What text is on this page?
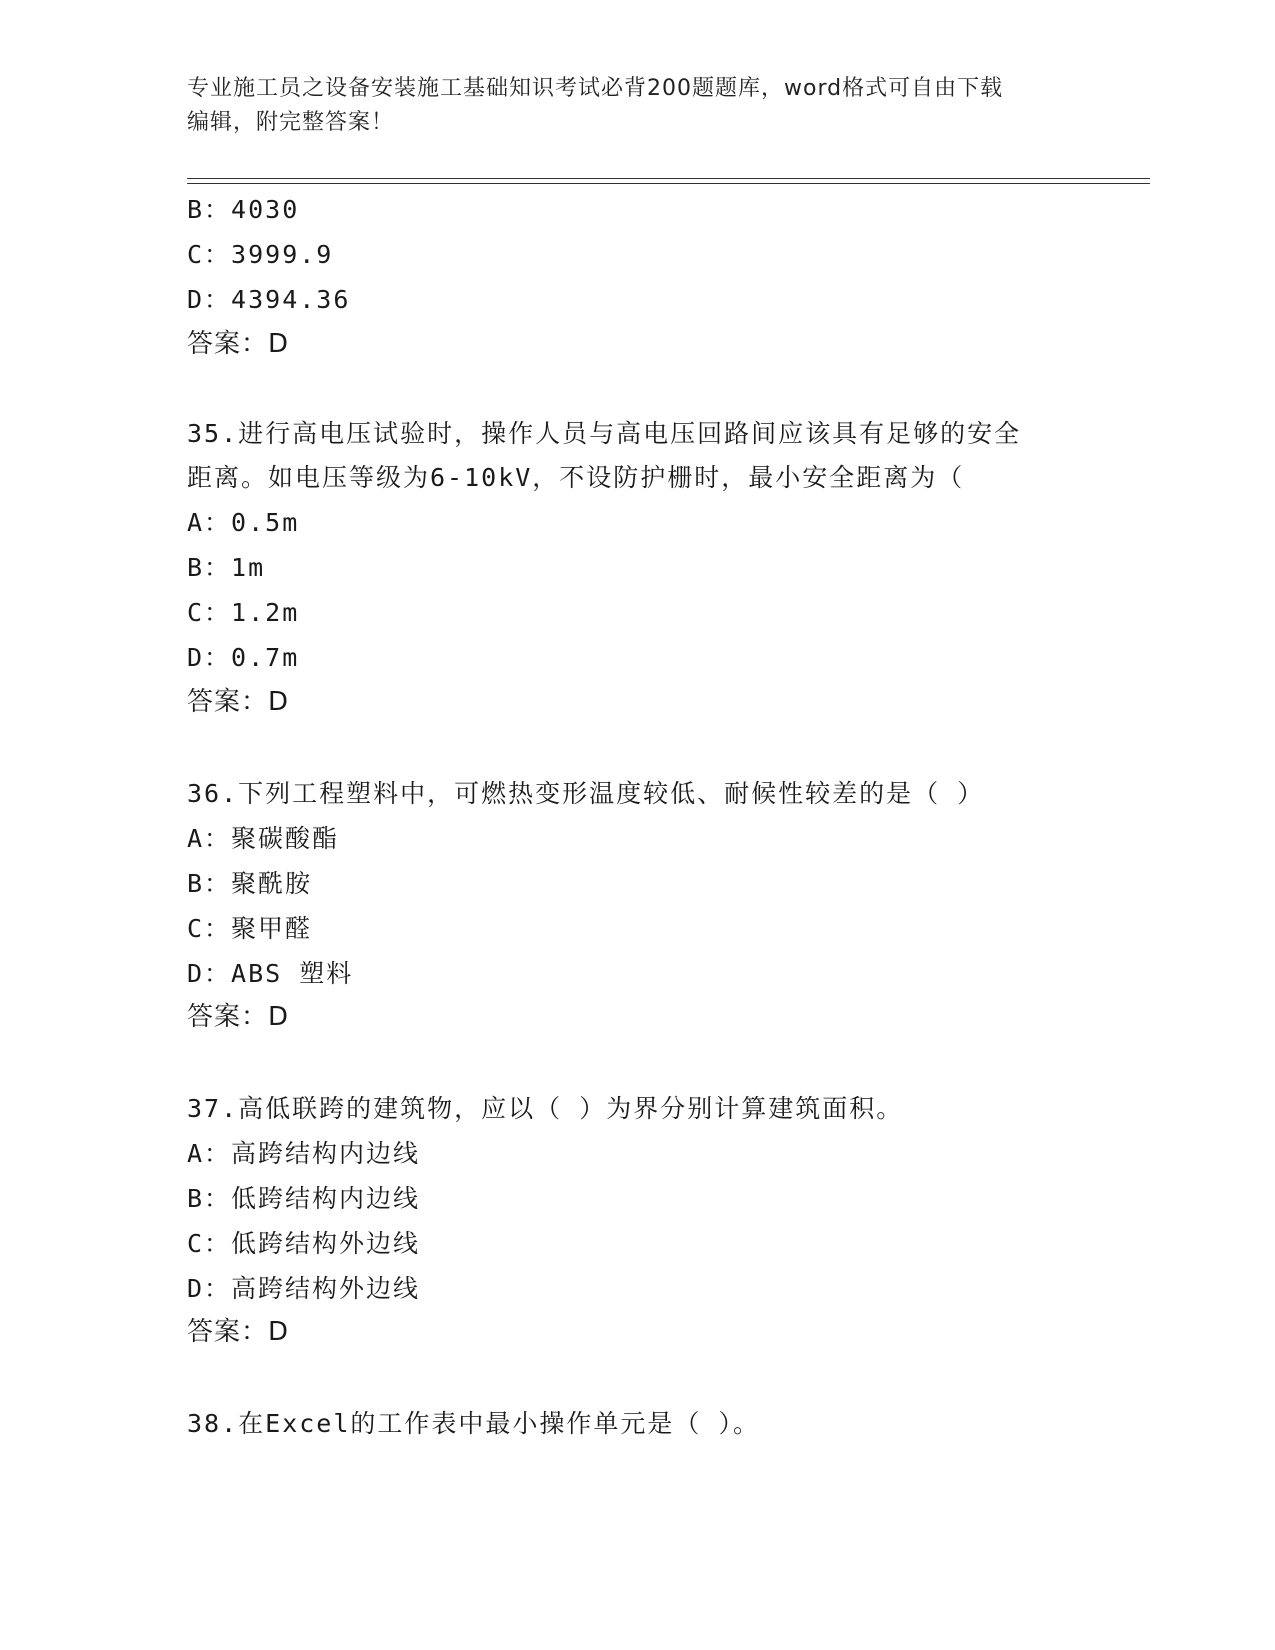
专业施工员之设备安装施工基础知识考试必背200题题库，word格式可自由下载
编辑，附完整答案！
B：4030
C：3999.9
D：4394.36
答案：D
35.进行高电压试验时，操作人员与高电压回路间应该具有足够的安全
距离。如电压等级为6-10kV，不设防护栅时，最小安全距离为（
A：0.5m
B：1m
C：1.2m
D：0.7m
答案：D
36.下列工程塑料中，可燃热变形温度较低、耐候性较差的是（ ）
A：聚碳酸酯
B：聚酰胺
C：聚甲醛
D：ABS 塑料
答案：D
37.高低联跨的建筑物，应以（ ）为界分别计算建筑面积。
A：高跨结构内边线
B：低跨结构内边线
C：低跨结构外边线
D：高跨结构外边线
答案：D
38.在Excel的工作表中最小操作单元是（ ）。
